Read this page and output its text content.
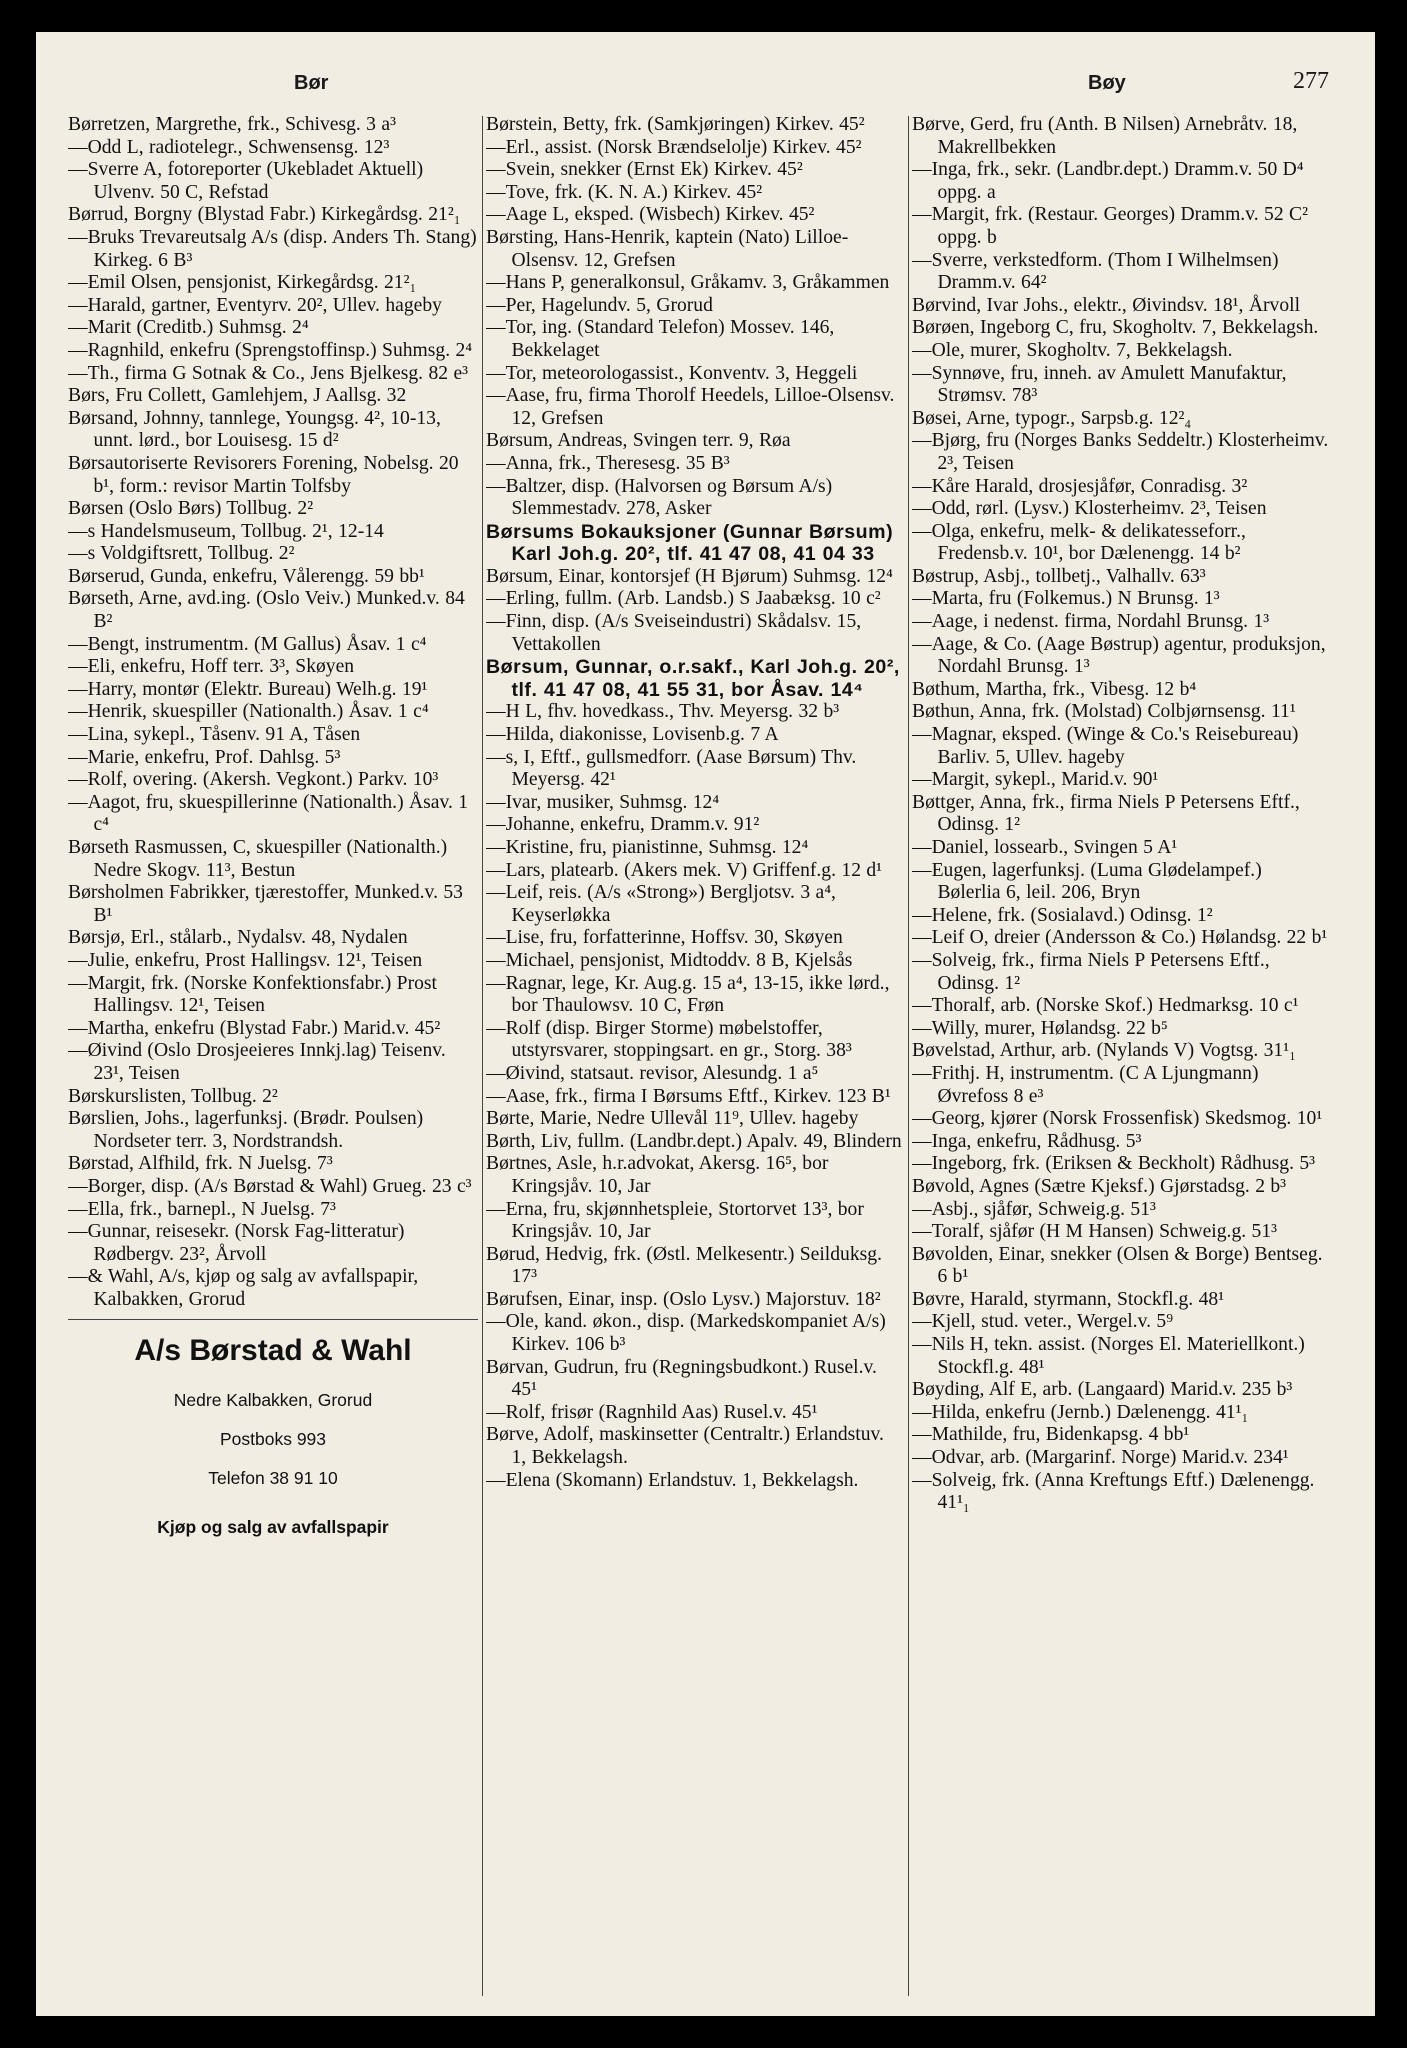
Bør	Bøy	277
Børretzen, Margrethe, frk., Schivesg. 3 a³
—Odd L, radiotelegr., Schwensensg. 12³
—Sverre A, fotoreporter (Ukebladet Aktuell) Ulvenv. 50 C, Refstad
Børrud, Borgny (Blystad Fabr.) Kirkegårdsg. 21²₁
—Bruks Trevareutsalg A/s (disp. Anders Th. Stang) Kirkeg. 6 B³
—Emil Olsen, pensjonist, Kirkegårdsg. 21²₁
—Harald, gartner, Eventyrv. 20², Ullev. hageby
—Marit (Creditb.) Suhmsg. 2⁴
—Ragnhild, enkefru (Sprengstoffinsp.) Suhmsg. 2⁴
—Th., firma G Sotnak & Co., Jens Bjelkesg. 82 e³
Børs, Fru Collett, Gamlehjem, J Aallsg. 32
Børsand, Johnny, tannlege, Youngsg. 4², 10-13, unnt. lørd., bor Louisesg. 15 d²
Børsautoriserte Revisorers Forening, Nobelsg. 20 b¹, form.: revisor Martin Tolfsby
Børsen (Oslo Børs) Tollbug. 2²
—s Handelsmuseum, Tollbug. 2¹, 12-14
—s Voldgiftsrett, Tollbug. 2²
Børserud, Gunda, enkefru, Vålerengg. 59 bb¹
Børseth, Arne, avd.ing. (Oslo Veiv.) Munked.v. 84 B²
—Bengt, instrumentm. (M Gallus) Åsav. 1 c⁴
—Eli, enkefru, Hoff terr. 3³, Skøyen
—Harry, montør (Elektr. Bureau) Welh.g. 19¹
—Henrik, skuespiller (Nationalth.) Åsav. 1 c⁴
—Lina, sykepl., Tåsenv. 91 A, Tåsen
—Marie, enkefru, Prof. Dahlsg. 5³
—Rolf, overing. (Akersh. Vegkont.) Parkv. 10³
—Aagot, fru, skuespillerinne (Nationalth.) Åsav. 1 c⁴
Børseth Rasmussen, C, skuespiller (Nationalth.) Nedre Skogv. 11³, Bestun
Børsholmen Fabrikker, tjærestoffer, Munked.v. 53 B¹
Børsjø, Erl., stålarb., Nydalsv. 48, Nydalen
—Julie, enkefru, Prost Hallingsv. 12¹, Teisen
—Margit, frk. (Norske Konfektionsfabr.) Prost Hallingsv. 12¹, Teisen
—Martha, enkefru (Blystad Fabr.) Marid.v. 45²
—Øivind (Oslo Drosjeeieres Innkj.lag) Teisenv. 23¹, Teisen
Børskurslisten, Tollbug. 2²
Børslien, Johs., lagerfunksj. (Brødr. Poulsen) Nordseter terr. 3, Nordstrandsh.
Børstad, Alfhild, frk. N Juelsg. 7³
—Borger, disp. (A/s Børstad & Wahl) Grueg. 23 c³
—Ella, frk., barnepl., N Juelsg. 7³
—Gunnar, reisesekr. (Norsk Fag-litteratur) Rødbergv. 23², Årvoll
—& Wahl, A/s, kjøp og salg av avfallspapir, Kalbakken, Grorud
A/s Børstad & Wahl
Nedre Kalbakken, Grorud
Postboks 993
Telefon 38 91 10
Kjøp og salg av avfallspapir
Børstein, Betty, frk. (Samkjøringen) Kirkev. 45²
—Erl., assist. (Norsk Brændselolje) Kirkev. 45²
—Svein, snekker (Ernst Ek) Kirkev. 45²
—Tove, frk. (K. N. A.) Kirkev. 45²
—Aage L, eksped. (Wisbech) Kirkev. 45²
Børsting, Hans-Henrik, kaptein (Nato) Lilloe-Olsensv. 12, Grefsen
—Hans P, generalkonsul, Gråkamv. 3, Gråkammen
—Per, Hagelundv. 5, Grorud
—Tor, ing. (Standard Telefon) Mossev. 146, Bekkelaget
—Tor, meteorologassist., Konventv. 3, Heggeli
—Aase, fru, firma Thorolf Heedels, Lilloe-Olsensv. 12, Grefsen
Børsum, Andreas, Svingen terr. 9, Røa
—Anna, frk., Theresesg. 35 B³
—Baltzer, disp. (Halvorsen og Børsum A/s) Slemmestadv. 278, Asker
Børsums Bokauksjoner (Gunnar Børsum) Karl Joh.g. 20², tlf. 41 47 08, 41 04 33
Børsum, Einar, kontorsjef (H Bjørum) Suhmsg. 12⁴
—Erling, fullm. (Arb. Landsb.) S Jaabæksg. 10 c²
—Finn, disp. (A/s Sveiseindustri) Skådalsv. 15, Vettakollen
Børsum, Gunnar, o.r.sakf., Karl Joh.g. 20², tlf. 41 47 08, 41 55 31, bor Åsav. 14⁴
—H L, fhv. hovedkass., Thv. Meyersg. 32 b³
—Hilda, diakonisse, Lovisenb.g. 7 A
—s, I, Eftf., gullsmedforr. (Aase Børsum) Thv. Meyersg. 42¹
—Ivar, musiker, Suhmsg. 12⁴
—Johanne, enkefru, Dramm.v. 91²
—Kristine, fru, pianistinne, Suhmsg. 12⁴
—Lars, platearb. (Akers mek. V) Griffenf.g. 12 d¹
—Leif, reis. (A/s «Strong») Bergljotsv. 3 a⁴, Keyserløkka
—Lise, fru, forfatterinne, Hoffsv. 30, Skøyen
—Michael, pensjonist, Midtoddv. 8 B, Kjelsås
—Ragnar, lege, Kr. Aug.g. 15 a⁴, 13-15, ikke lørd., bor Thaulowsv. 10 C, Frøn
—Rolf (disp. Birger Storme) møbelstoffer, utstyrsvarer, stoppingsart. en gr., Storg. 38³
—Øivind, statsaut. revisor, Alesundg. 1 a⁵
—Aase, frk., firma I Børsums Eftf., Kirkev. 123 B¹
Børte, Marie, Nedre Ullevål 11⁹, Ullev. hageby
Børth, Liv, fullm. (Landbr.dept.) Apalv. 49, Blindern
Børtnes, Asle, h.r.advokat, Akersg. 16⁵, bor Kringsjåv. 10, Jar
—Erna, fru, skjønnhetspleie, Stortorvet 13³, bor Kringsjåv. 10, Jar
Børud, Hedvig, frk. (Østl. Melkesentr.) Seilduksg. 17³
Børufsen, Einar, insp. (Oslo Lysv.) Majorstuv. 18²
—Ole, kand. økon., disp. (Markedskompaniet A/s) Kirkev. 106 b³
Børvan, Gudrun, fru (Regningsbudkont.) Rusel.v. 45¹
—Rolf, frisør (Ragnhild Aas) Rusel.v. 45¹
Børve, Adolf, maskinsetter (Centraltr.) Erlandstuv. 1, Bekkelagsh.
—Elena (Skomann) Erlandstuv. 1, Bekkelagsh.
Børve, Gerd, fru (Anth. B Nilsen) Arnebråtv. 18, Makrellbekken
—Inga, frk., sekr. (Landbr.dept.) Dramm.v. 50 D⁴ oppg. a
—Margit, frk. (Restaur. Georges) Dramm.v. 52 C² oppg. b
—Sverre, verkstedform. (Thom I Wilhelmsen) Dramm.v. 64²
Børvind, Ivar Johs., elektr., Øivindsv. 18¹, Årvoll
Børøen, Ingeborg C, fru, Skogholtv. 7, Bekkelagsh.
—Ole, murer, Skogholtv. 7, Bekkelagsh.
—Synnøve, fru, inneh. av Amulett Manufaktur, Strømsv. 78³
Bøsei, Arne, typogr., Sarpsb.g. 12²₄
—Bjørg, fru (Norges Banks Seddeltr.) Klosterheimv. 2³, Teisen
—Kåre Harald, drosjesjåfør, Conradisg. 3²
—Odd, rørl. (Lysv.) Klosterheimv. 2³, Teisen
—Olga, enkefru, melk- & delikatesseforr., Fredensb.v. 10¹, bor Dælenengg. 14 b²
Bøstrup, Asbj., tollbetj., Valhallv. 63³
—Marta, fru (Folkemus.) N Brunsg. 1³
—Aage, i nedenst. firma, Nordahl Brunsg. 1³
—Aage, & Co. (Aage Bøstrup) agentur, produksjon, Nordahl Brunsg. 1³
Bøthum, Martha, frk., Vibesg. 12 b⁴
Bøthun, Anna, frk. (Molstad) Colbjørnsensg. 11¹
—Magnar, eksped. (Winge & Co.'s Reisebureau) Barliv. 5, Ullev. hageby
—Margit, sykepl., Marid.v. 90¹
Bøttger, Anna, frk., firma Niels P Petersens Eftf., Odinsg. 1²
—Daniel, lossearb., Svingen 5 A¹
—Eugen, lagerfunksj. (Luma Glødelampef.) Bølerlia 6, leil. 206, Bryn
—Helene, frk. (Sosialavd.) Odinsg. 1²
—Leif O, dreier (Andersson & Co.) Hølandsg. 22 b¹
—Solveig, frk., firma Niels P Petersens Eftf., Odinsg. 1²
—Thoralf, arb. (Norske Skof.) Hedmarksg. 10 c¹
—Willy, murer, Hølandsg. 22 b⁵
Bøvelstad, Arthur, arb. (Nylands V) Vogtsg. 31¹₁
—Frithj. H, instrumentm. (C A Ljungmann) Øvrefoss 8 e³
—Georg, kjører (Norsk Frossenfisk) Skedsmog. 10¹
—Inga, enkefru, Rådhusg. 5³
—Ingeborg, frk. (Eriksen & Beckholt) Rådhusg. 5³
Bøvold, Agnes (Sætre Kjeksf.) Gjørstadsg. 2 b³
—Asbj., sjåfør, Schweig.g. 51³
—Toralf, sjåfør (H M Hansen) Schweig.g. 51³
Bøvolden, Einar, snekker (Olsen & Borge) Bentseg. 6 b¹
Bøvre, Harald, styrmann, Stockfl.g. 48¹
—Kjell, stud. veter., Wergel.v. 5⁹
—Nils H, tekn. assist. (Norges El. Materiellkont.) Stockfl.g. 48¹
Bøyding, Alf E, arb. (Langaard) Marid.v. 235 b³
—Hilda, enkefru (Jernb.) Dælenengg. 41¹₁
—Mathilde, fru, Bidenkapsg. 4 bb¹
—Odvar, arb. (Margarinf. Norge) Marid.v. 234¹
—Solveig, frk. (Anna Kreftungs Eftf.) Dælenengg. 41¹₁
